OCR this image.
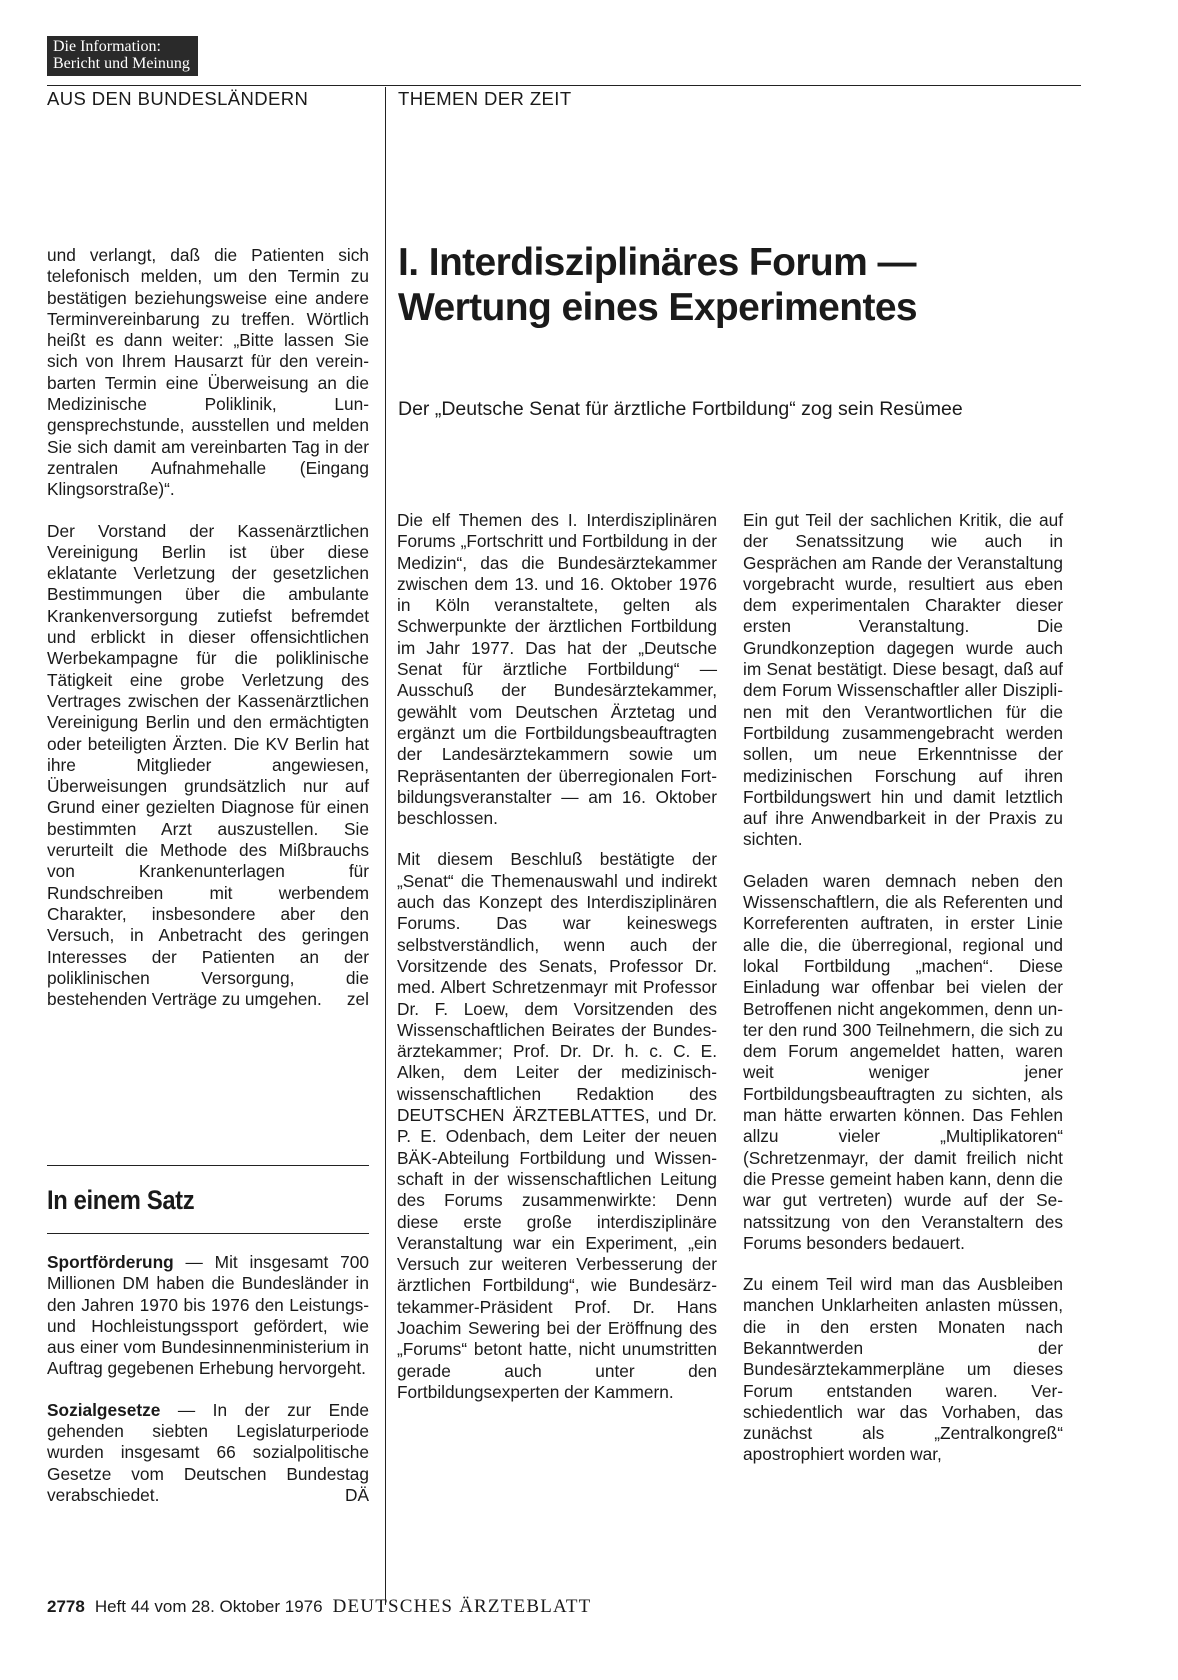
Die Information:
Bericht und Meinung
AUS DEN BUNDESLÄNDERN	THEMEN DER ZEIT

und verlangt, daß die Patienten sich telefonisch melden, um den Termin zu bestätigen beziehungsweise eine andere Terminvereinbarung zu treffen. Wörtlich heißt es dann weiter: „Bitte lassen Sie sich von Ihrem Hausarzt für den vereinbarten Termin eine Überweisung an die Medizinische Poliklinik, Lungensprechstunde, ausstellen und melden Sie sich damit am vereinbarten Tag in der zentralen Aufnahmehalle (Eingang Klingsorstraße)“.

Der Vorstand der Kassenärztlichen Vereinigung Berlin ist über diese eklatante Verletzung der gesetzlichen Bestimmungen über die ambulante Krankenversorgung zutiefst befremdet und erblickt in dieser offensichtlichen Werbekampagne für die poliklinische Tätigkeit eine grobe Verletzung des Vertrages zwischen der Kassenärztlichen Vereinigung Berlin und den ermächtigten oder beteiligten Ärzten. Die KV Berlin hat ihre Mitglieder angewiesen, Überweisungen grundsätzlich nur auf Grund einer gezielten Diagnose für einen bestimmten Arzt auszustellen. Sie verurteilt die Methode des Mißbrauchs von Krankenunterlagen für Rundschreiben mit werbendem Charakter, insbesondere aber den Versuch, in Anbetracht des geringen Interesses der Patienten an der poliklinischen Versorgung, die bestehenden Verträge zu umgehen. zel

In einem Satz

Sportförderung — Mit insgesamt 700 Millionen DM haben die Bundesländer in den Jahren 1970 bis 1976 den Leistungs- und Hochleistungssport gefördert, wie aus einer vom Bundesinnenministerium in Auftrag gegebenen Erhebung hervorgeht.

Sozialgesetze — In der zur Ende gehenden siebten Legislaturperiode wurden insgesamt 66 sozialpolitische Gesetze vom Deutschen Bundestag verabschiedet.	DÄ

I. Interdisziplinäres Forum —
Wertung eines Experimentes
Der „Deutsche Senat für ärztliche Fortbildung“ zog sein Resümee

Die elf Themen des I. Interdisziplinären Forums „Fortschritt und Fortbildung in der Medizin“, das die Bundesärztekammer zwischen dem 13. und 16. Oktober 1976 in Köln veranstaltete, gelten als Schwerpunkte der ärztlichen Fortbildung im Jahr 1977. Das hat der „Deutsche Senat für ärztliche Fortbildung“ — Ausschuß der Bundesärztekammer, gewählt vom Deutschen Ärztetag und ergänzt um die Fortbildungsbeauftragten der Landesärztekammern sowie um Repräsentanten der überregionalen Fortbildungsveranstalter — am 16. Oktober beschlossen.

Mit diesem Beschluß bestätigte der „Senat“ die Themenauswahl und indirekt auch das Konzept des Interdisziplinären Forums. Das war keineswegs selbstverständlich, wenn auch der Vorsitzende des Senats, Professor Dr. med. Albert Schretzenmayr mit Professor Dr. F. Loew, dem Vorsitzenden des Wissenschaftlichen Beirates der Bundesärztekammer; Prof. Dr. Dr. h. c. C. E. Alken, dem Leiter der medizinisch-wissenschaftlichen Redaktion des DEUTSCHEN ÄRZTEBLATTES, und Dr. P. E. Odenbach, dem Leiter der neuen BÄK-Abteilung Fortbildung und Wissenschaft in der wissenschaftlichen Leitung des Forums zusammenwirkte: Denn diese erste große interdisziplinäre Veranstaltung war ein Experiment, „ein Versuch zur weiteren Verbesserung der ärztlichen Fortbildung“, wie Bundesärztekammer-Präsident Prof. Dr. Hans Joachim Sewering bei der Eröffnung des „Forums“ betont hatte, nicht unumstritten gerade auch unter den Fortbildungsexperten der Kammern.

Ein gut Teil der sachlichen Kritik, die auf der Senatssitzung wie auch in Gesprächen am Rande der Veranstaltung vorgebracht wurde, resultiert aus eben dem experimentalen Charakter dieser ersten Veranstaltung. Die Grundkonzeption dagegen wurde auch im Senat bestätigt. Diese besagt, daß auf dem Forum Wissenschaftler aller Disziplinen mit den Verantwortlichen für die Fortbildung zusammengebracht werden sollen, um neue Erkenntnisse der medizinischen Forschung auf ihren Fortbildungswert hin und damit letztlich auf ihre Anwendbarkeit in der Praxis zu sichten.

Geladen waren demnach neben den Wissenschaftlern, die als Referenten und Korreferenten auftraten, in erster Linie alle die, die überregional, regional und lokal Fortbildung „machen“. Diese Einladung war offenbar bei vielen der Betroffenen nicht angekommen, denn unter den rund 300 Teilnehmern, die sich zu dem Forum angemeldet hatten, waren weit weniger jener Fortbildungsbeauftragten zu sichten, als man hätte erwarten können. Das Fehlen allzu vieler „Multiplikatoren“ (Schretzenmayr, der damit freilich nicht die Presse gemeint haben kann, denn die war gut vertreten) wurde auf der Senatssitzung von den Veranstaltern des Forums besonders bedauert.

Zu einem Teil wird man das Ausbleiben manchen Unklarheiten anlasten müssen, die in den ersten Monaten nach Bekanntwerden der Bundesärztekammerpläne um dieses Forum entstanden waren. Verschiedentlich war das Vorhaben, das zunächst als „Zentralkongreß“ apostrophiert worden war,

2778 Heft 44 vom 28. Oktober 1976 DEUTSCHES ÄRZTEBLATT
